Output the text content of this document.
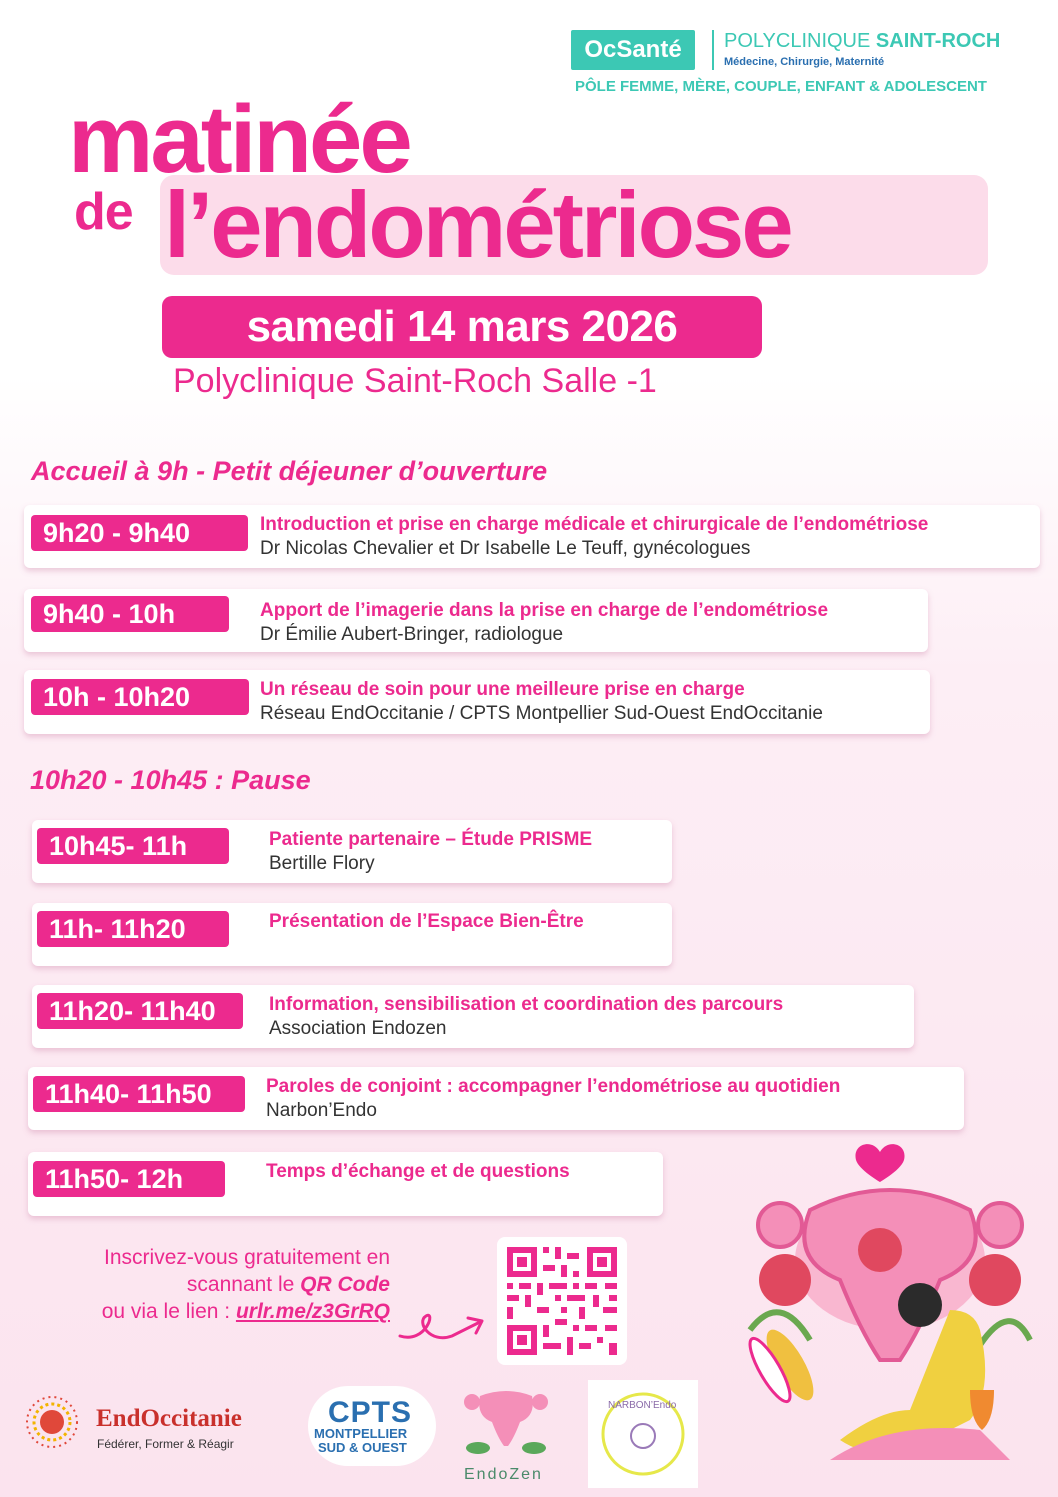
OcSanté	POLYCLINIQUE SAINT-ROCH
Médecine, Chirurgie, Maternité
PÔLE FEMME, MÈRE, COUPLE, ENFANT & ADOLESCENT
matinée
de l’endométriose
samedi 14 mars 2026
Polyclinique Saint-Roch Salle -1
Accueil à 9h - Petit déjeuner d’ouverture
9h20 - 9h40	Introduction et prise en charge médicale et chirurgicale de l’endométriose
Dr Nicolas Chevalier et Dr Isabelle Le Teuff, gynécologues
9h40 - 10h	Apport de l’imagerie dans la prise en charge de l’endométriose
Dr Émilie Aubert-Bringer, radiologue
10h - 10h20	Un réseau de soin pour une meilleure prise en charge
Réseau EndOccitanie / CPTS Montpellier Sud-Ouest EndOccitanie
10h20 - 10h45 : Pause
10h45- 11h	Patiente partenaire – Étude PRISME
Bertille Flory
11h- 11h20	Présentation de l’Espace Bien-Être
11h20- 11h40	Information, sensibilisation et coordination des parcours
Association Endozen
11h40- 11h50	Paroles de conjoint : accompagner l’endométriose au quotidien
Narbon’Endo
11h50- 12h	Temps d’échange et de questions
Inscrivez-vous gratuitement en
scannant le QR Code
ou via le lien : urlr.me/z3GrRQ
EndOccitanie
Fédérer, Former & Réagir
CPTS
MONTPELLIER
SUD & OUEST
EndoZen
NARBON’Endo
